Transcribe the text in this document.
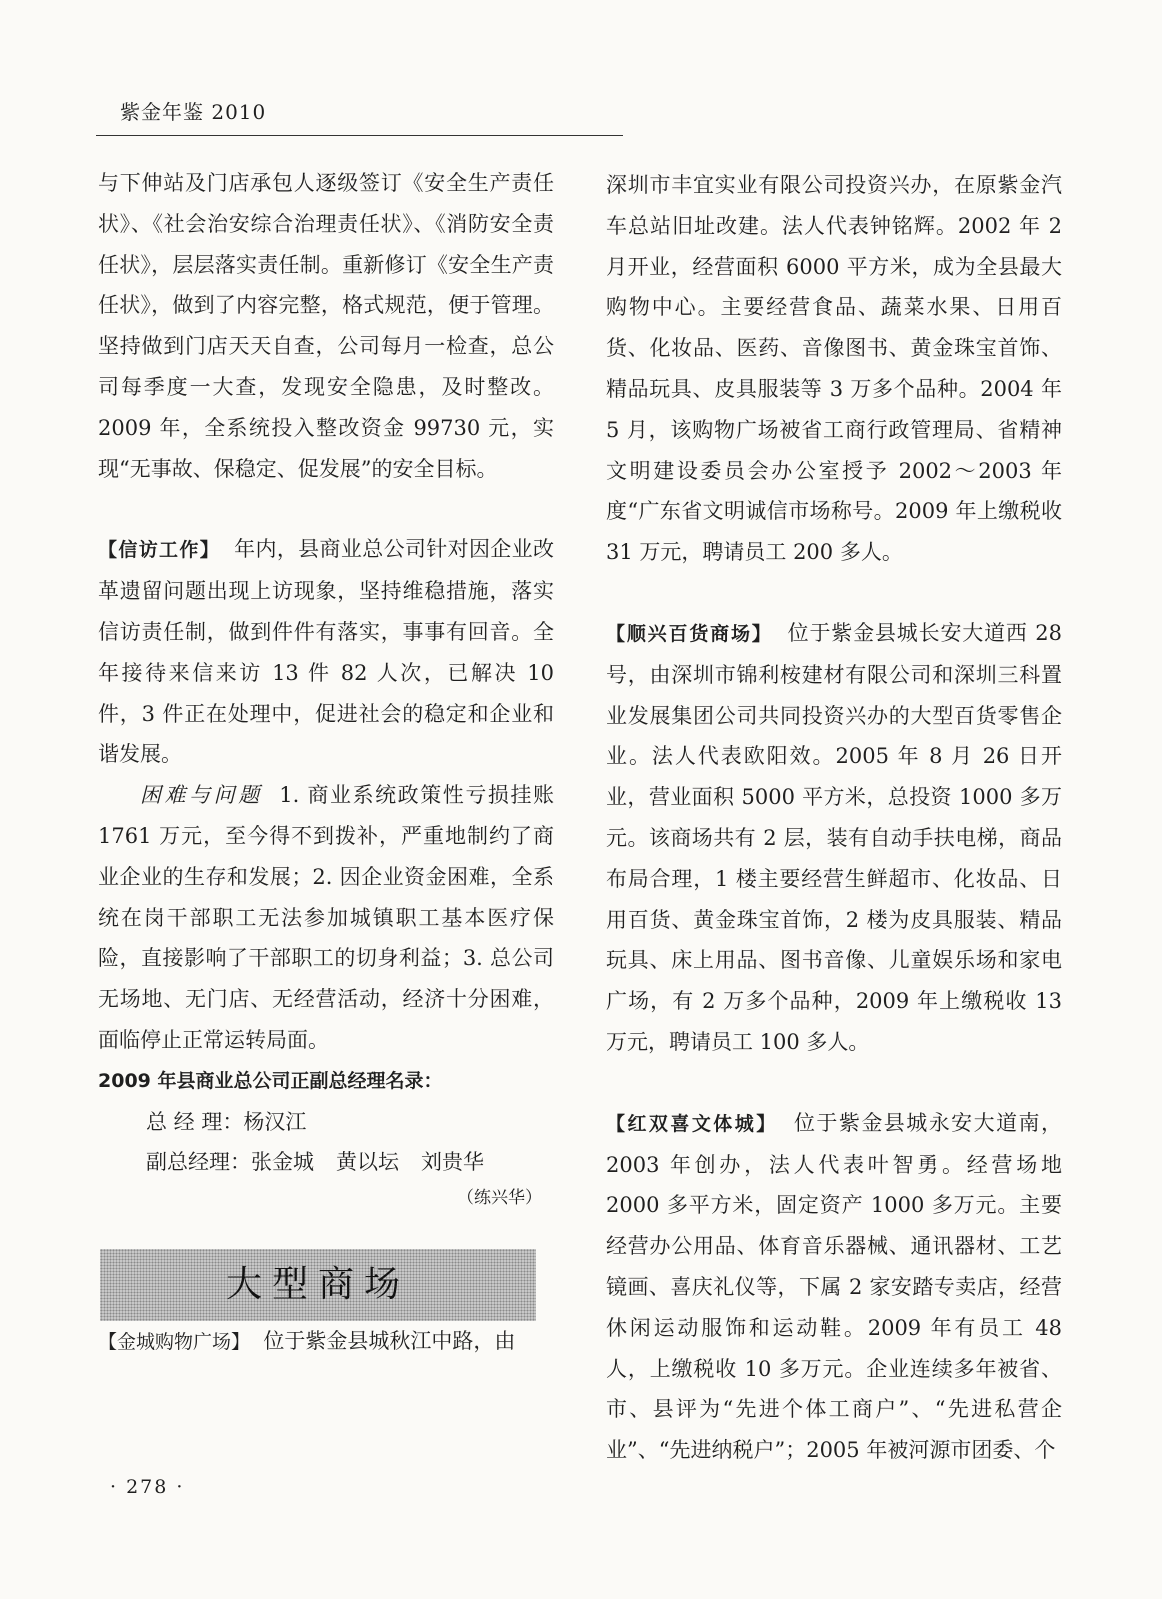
紫金年鉴 2010

与下伸站及门店承包人逐级签订《安全生产责任状》、《社会治安综合治理责任状》、《消防安全责任状》，层层落实责任制。重新修订《安全生产责任状》，做到了内容完整，格式规范，便于管理。坚持做到门店天天自查，公司每月一检查，总公司每季度一大查，发现安全隐患，及时整改。2009 年，全系统投入整改资金 99730 元，实现“无事故、保稳定、促发展”的安全目标。

【信访工作】 年内，县商业总公司针对因企业改革遗留问题出现上访现象，坚持维稳措施，落实信访责任制，做到件件有落实，事事有回音。全年接待来信来访 13 件 82 人次，已解决 10 件，3 件正在处理中，促进社会的稳定和企业和谐发展。

困难与问题 1. 商业系统政策性亏损挂账 1761 万元，至今得不到拨补，严重地制约了商业企业的生存和发展；2. 因企业资金困难，全系统在岗干部职工无法参加城镇职工基本医疗保险，直接影响了干部职工的切身利益；3. 总公司无场地、无门店、无经营活动，经济十分困难，面临停止正常运转局面。

2009 年县商业总公司正副总经理名录：

总 经 理：杨汉江

副总经理：张金城 黄以坛 刘贵华

（练兴华）

大型商场

【金城购物广场】 位于紫金县城秋江中路，由

深圳市丰宜实业有限公司投资兴办，在原紫金汽车总站旧址改建。法人代表钟铭辉。2002 年 2 月开业，经营面积 6000 平方米，成为全县最大购物中心。主要经营食品、蔬菜水果、日用百货、化妆品、医药、音像图书、黄金珠宝首饰、精品玩具、皮具服装等 3 万多个品种。2004 年 5 月，该购物广场被省工商行政管理局、省精神文明建设委员会办公室授予 2002～2003 年度“广东省文明诚信市场称号。2009 年上缴税收 31 万元，聘请员工 200 多人。

【顺兴百货商场】 位于紫金县城长安大道西 28 号，由深圳市锦利桉建材有限公司和深圳三科置业发展集团公司共同投资兴办的大型百货零售企业。法人代表欧阳效。2005 年 8 月 26 日开业，营业面积 5000 平方米，总投资 1000 多万元。该商场共有 2 层，装有自动手扶电梯，商品布局合理，1 楼主要经营生鲜超市、化妆品、日用百货、黄金珠宝首饰，2 楼为皮具服装、精品玩具、床上用品、图书音像、儿童娱乐场和家电广场，有 2 万多个品种，2009 年上缴税收 13 万元，聘请员工 100 多人。

【红双喜文体城】 位于紫金县城永安大道南，2003 年创办，法人代表叶智勇。经营场地 2000 多平方米，固定资产 1000 多万元。主要经营办公用品、体育音乐器械、通讯器材、工艺镜画、喜庆礼仪等，下属 2 家安踏专卖店，经营休闲运动服饰和运动鞋。2009 年有员工 48 人，上缴税收 10 多万元。企业连续多年被省、市、县评为“先进个体工商户”、“先进私营企业”、“先进纳税户”；2005 年被河源市团委、个

· 278 ·
